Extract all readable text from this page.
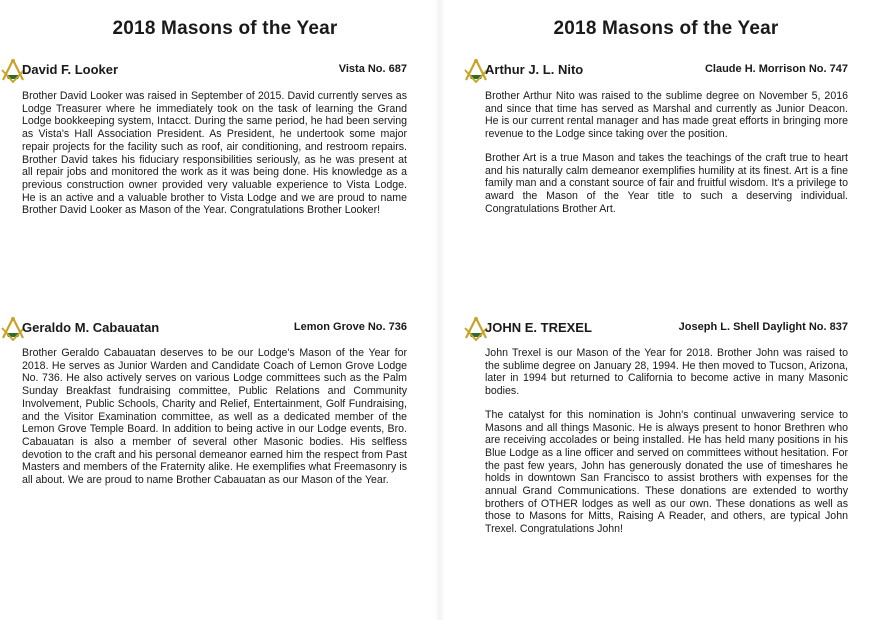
2018 Masons of the Year	2018 Masons of the Year
David F. Looker	Vista No. 687

Brother David Looker was raised in September of 2015. David currently serves as Lodge Treasurer where he immediately took on the task of learning the Grand Lodge bookkeeping system, Intacct. During the same period, he had been serving as Vista's Hall Association President. As President, he undertook some major repair projects for the facility such as roof, air conditioning, and restroom repairs. Brother David takes his fiduciary responsibilities seriously, as he was present at all repair jobs and monitored the work as it was being done. His knowledge as a previous construction owner provided very valuable experience to Vista Lodge. He is an active and a valuable brother to Vista Lodge and we are proud to name Brother David Looker as Mason of the Year. Congratulations Brother Looker!

Arthur J. L. Nito	Claude H. Morrison No. 747

Brother Arthur Nito was raised to the sublime degree on November 5, 2016 and since that time has served as Marshal and currently as Junior Deacon. He is our current rental manager and has made great efforts in bringing more revenue to the Lodge since taking over the position.

Brother Art is a true Mason and takes the teachings of the craft true to heart and his naturally calm demeanor exemplifies humility at its finest. Art is a fine family man and a constant source of fair and fruitful wisdom. It's a privilege to award the Mason of the Year title to such a deserving individual. Congratulations Brother Art.

Geraldo M. Cabauatan	Lemon Grove No. 736

Brother Geraldo Cabauatan deserves to be our Lodge's Mason of the Year for 2018. He serves as Junior Warden and Candidate Coach of Lemon Grove Lodge No. 736. He also actively serves on various Lodge committees such as the Palm Sunday Breakfast fundraising committee, Public Relations and Community Involvement, Public Schools, Charity and Relief, Entertainment, Golf Fundraising, and the Visitor Examination committee, as well as a dedicated member of the Lemon Grove Temple Board. In addition to being active in our Lodge events, Bro. Cabauatan is also a member of several other Masonic bodies. His selfless devotion to the craft and his personal demeanor earned him the respect from Past Masters and members of the Fraternity alike. He exemplifies what Freemasonry is all about. We are proud to name Brother Cabauatan as our Mason of the Year.

JOHN E. TREXEL	Joseph L. Shell Daylight No. 837

John Trexel is our Mason of the Year for 2018. Brother John was raised to the sublime degree on January 28, 1994. He then moved to Tucson, Arizona, later in 1994 but returned to California to become active in many Masonic bodies.

The catalyst for this nomination is John's continual unwavering service to Masons and all things Masonic. He is always present to honor Brethren who are receiving accolades or being installed. He has held many positions in his Blue Lodge as a line officer and served on committees without hesitation. For the past few years, John has generously donated the use of timeshares he holds in downtown San Francisco to assist brothers with expenses for the annual Grand Communications. These donations are extended to worthy brothers of OTHER lodges as well as our own. These donations as well as those to Masons for Mitts, Raising A Reader, and others, are typical John Trexel. Congratulations John!
